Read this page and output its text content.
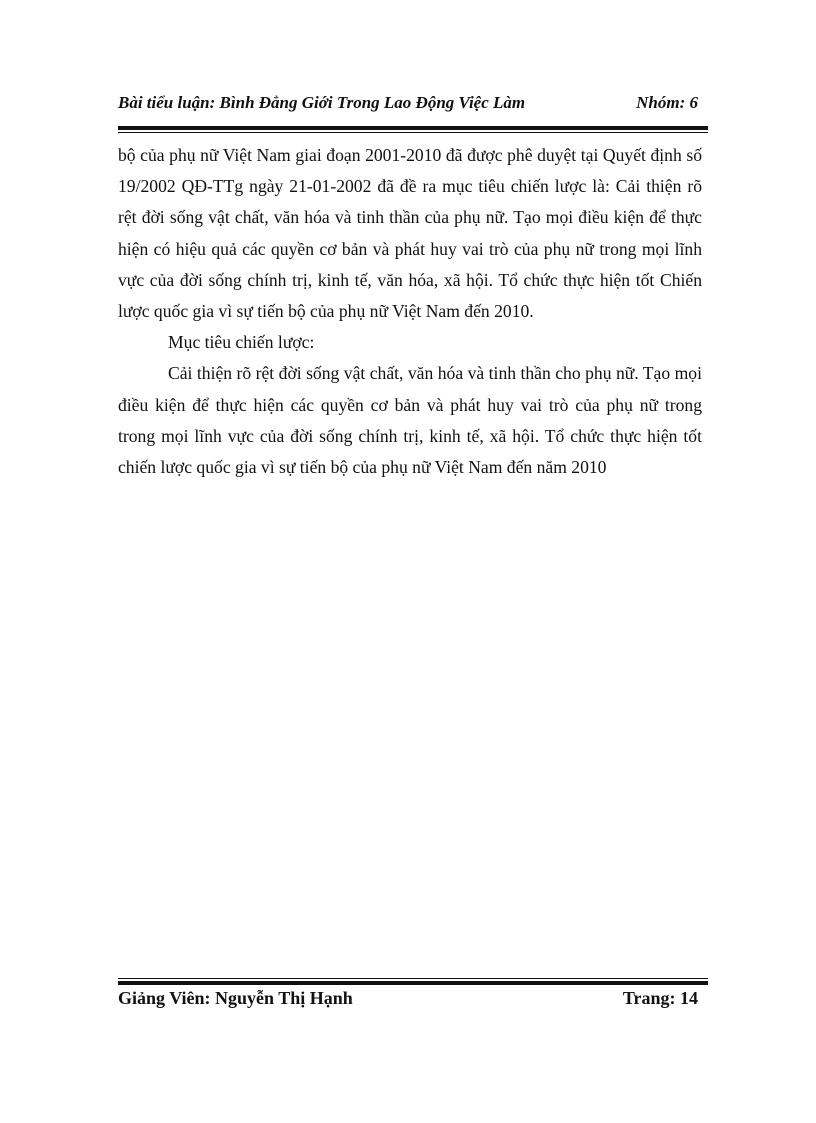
Bài tiểu luận: Bình Đẳng Giới Trong Lao Động Việc Làm	Nhóm: 6

bộ của phụ nữ Việt Nam giai đoạn 2001-2010 đã được phê duyệt tại Quyết định số 19/2002 QĐ-TTg ngày 21-01-2002 đã đề ra mục tiêu chiến lược là: Cải thiện rõ rệt đời sống vật chất, văn hóa và tinh thần của phụ nữ. Tạo mọi điều kiện để thực hiện có hiệu quả các quyền cơ bản và phát huy vai trò của phụ nữ trong mọi lĩnh vực của đời sống chính trị, kinh tế, văn hóa, xã hội. Tổ chức thực hiện tốt Chiến lược quốc gia vì sự tiến bộ của phụ nữ Việt Nam đến 2010.

Mục tiêu chiến lược:

Cải thiện rõ rệt đời sống vật chất, văn hóa và tinh thần cho phụ nữ. Tạo mọi điều kiện để thực hiện các quyền cơ bản và phát huy vai trò của phụ nữ trong trong mọi lĩnh vực của đời sống chính trị, kinh tế, xã hội. Tổ chức thực hiện tốt chiến lược quốc gia vì sự tiến bộ của phụ nữ Việt Nam đến năm 2010

Giảng Viên: Nguyễn Thị Hạnh	Trang: 14
